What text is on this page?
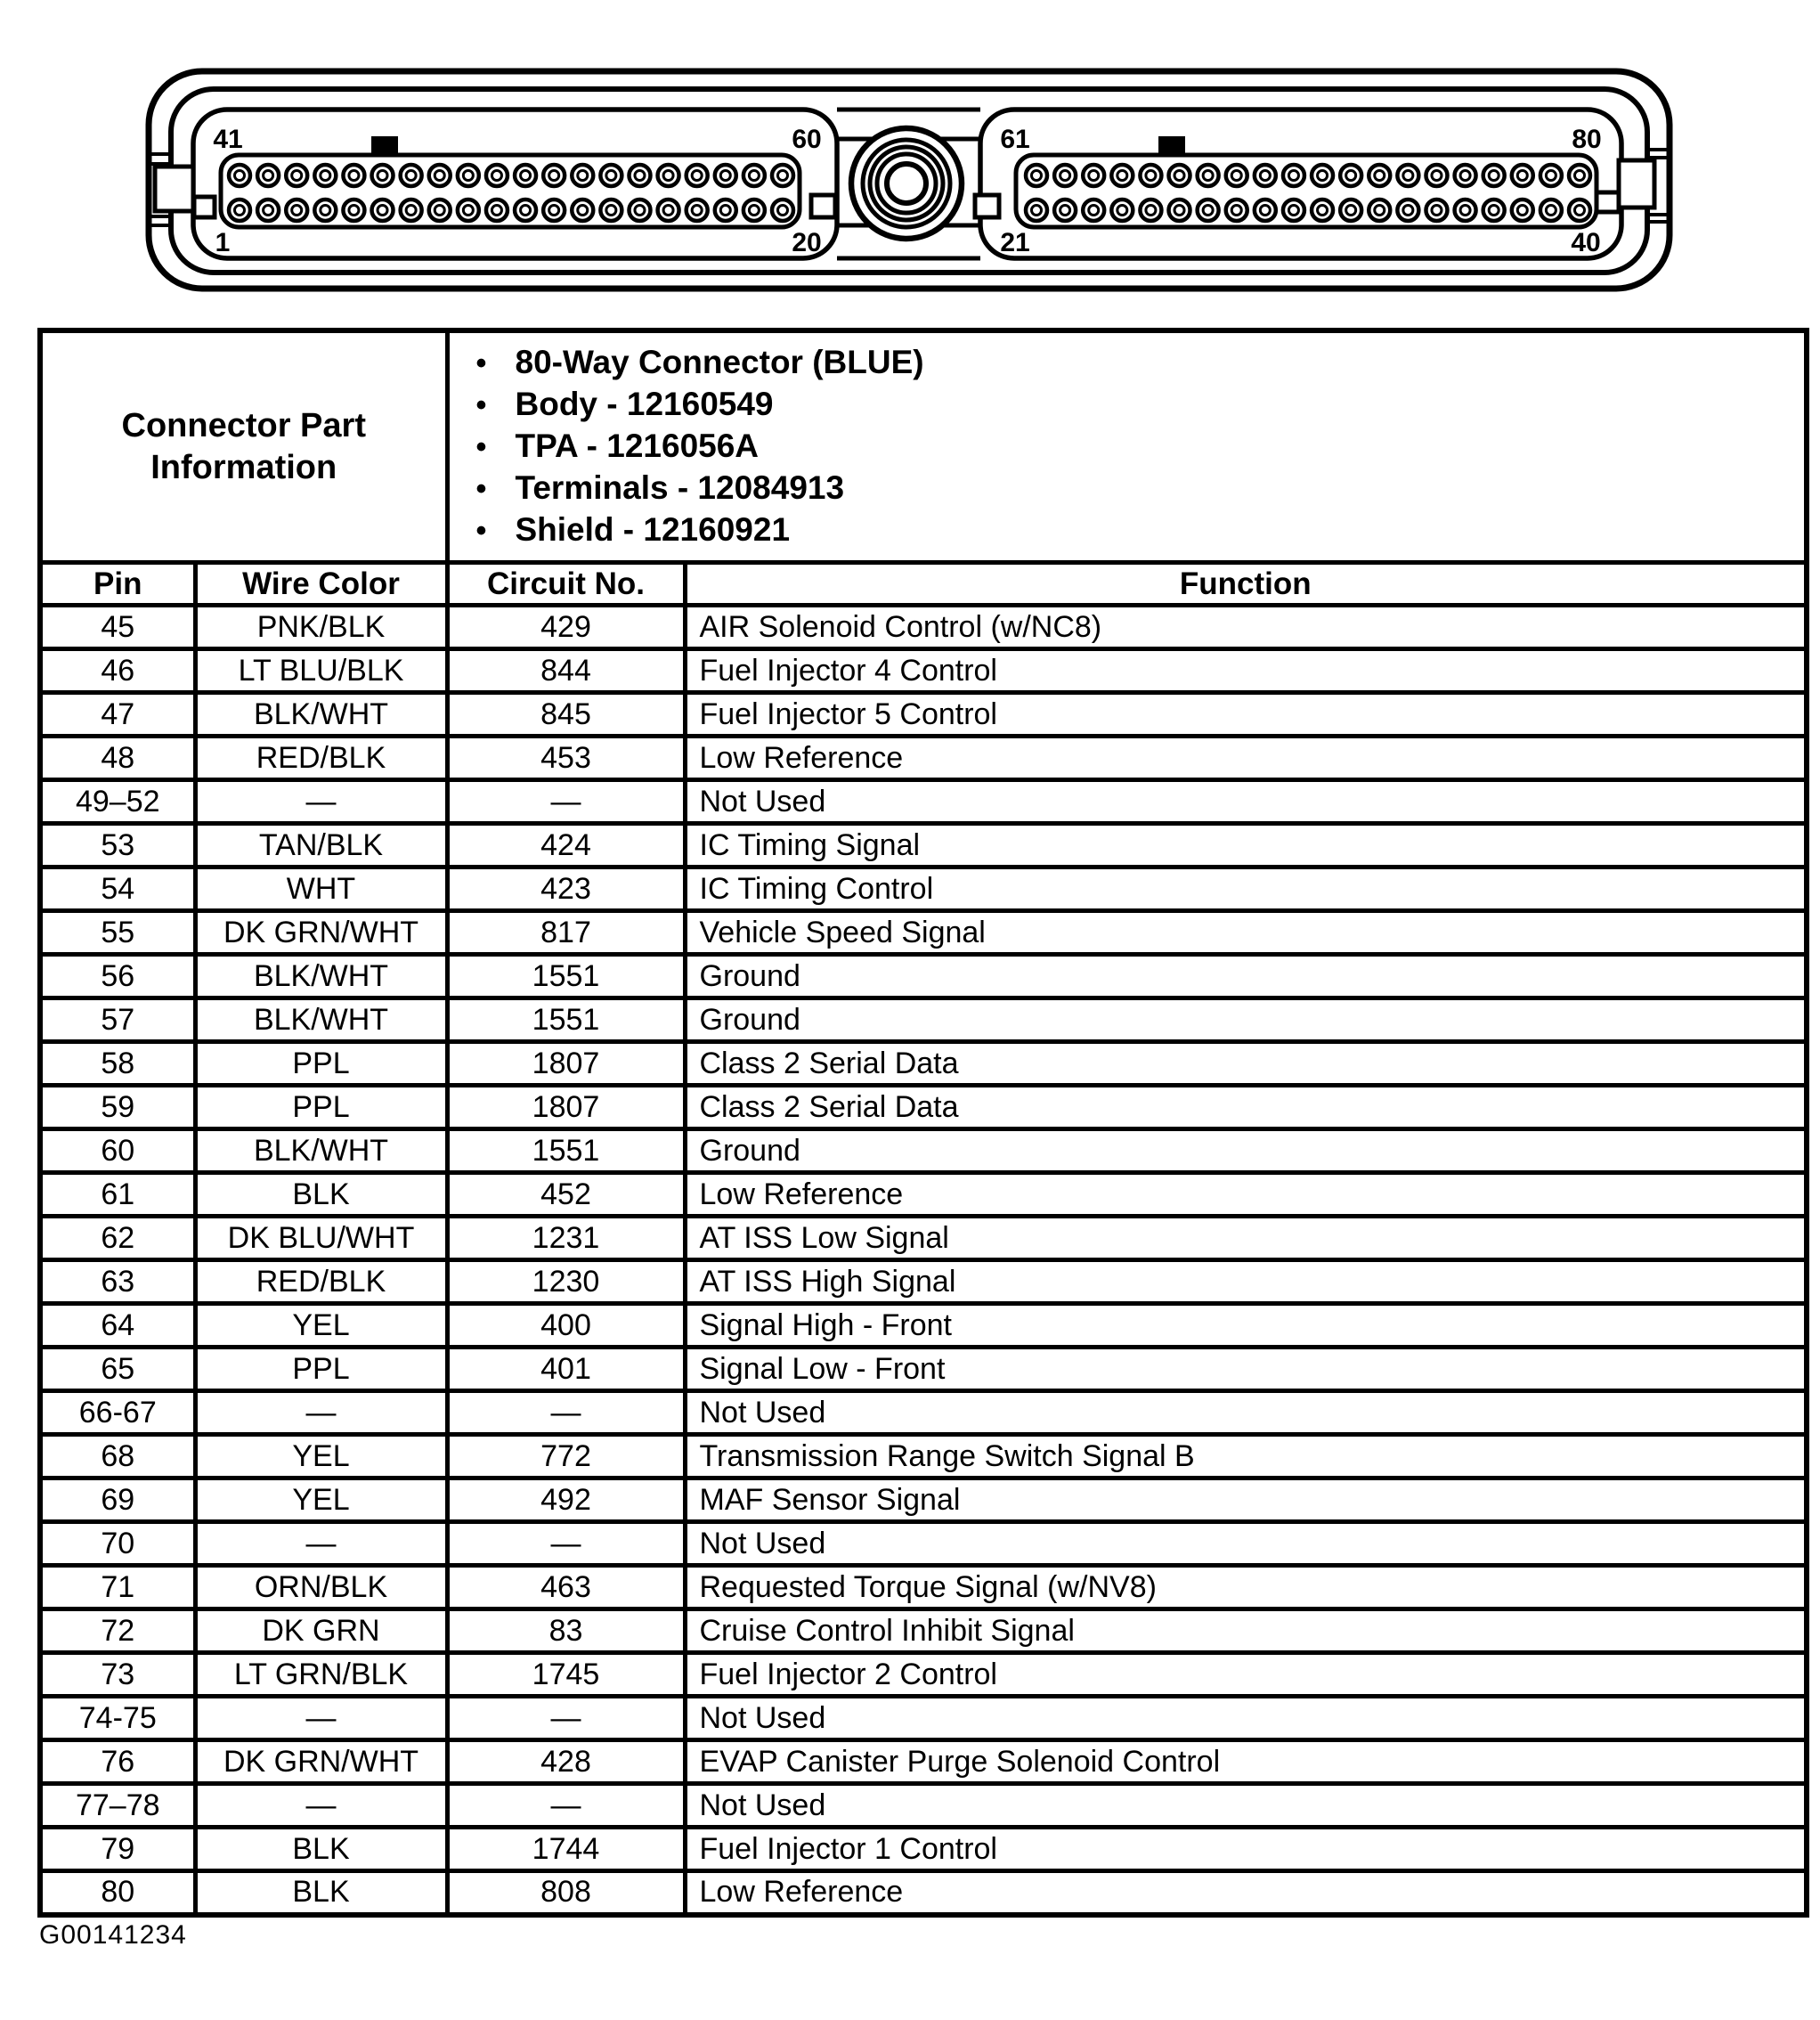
41	60
1	20
61	80
21	40
Connector Part Information

• 80-Way Connector (BLUE)
• Body - 12160549
• TPA - 1216056A
• Terminals - 12084913
• Shield - 12160921

Pin	Wire Color	Circuit No.	Function
45	PNK/BLK	429	AIR Solenoid Control (w/NC8)
46	LT BLU/BLK	844	Fuel Injector 4 Control
47	BLK/WHT	845	Fuel Injector 5 Control
48	RED/BLK	453	Low Reference
49–52	—	—	Not Used
53	TAN/BLK	424	IC Timing Signal
54	WHT	423	IC Timing Control
55	DK GRN/WHT	817	Vehicle Speed Signal
56	BLK/WHT	1551	Ground
57	BLK/WHT	1551	Ground
58	PPL	1807	Class 2 Serial Data
59	PPL	1807	Class 2 Serial Data
60	BLK/WHT	1551	Ground
61	BLK	452	Low Reference
62	DK BLU/WHT	1231	AT ISS Low Signal
63	RED/BLK	1230	AT ISS High Signal
64	YEL	400	Signal High - Front
65	PPL	401	Signal Low - Front
66-67	—	—	Not Used
68	YEL	772	Transmission Range Switch Signal B
69	YEL	492	MAF Sensor Signal
70	—	—	Not Used
71	ORN/BLK	463	Requested Torque Signal (w/NV8)
72	DK GRN	83	Cruise Control Inhibit Signal
73	LT GRN/BLK	1745	Fuel Injector 2 Control
74-75	—	—	Not Used
76	DK GRN/WHT	428	EVAP Canister Purge Solenoid Control
77–78	—	—	Not Used
79	BLK	1744	Fuel Injector 1 Control
80	BLK	808	Low Reference
G00141234
